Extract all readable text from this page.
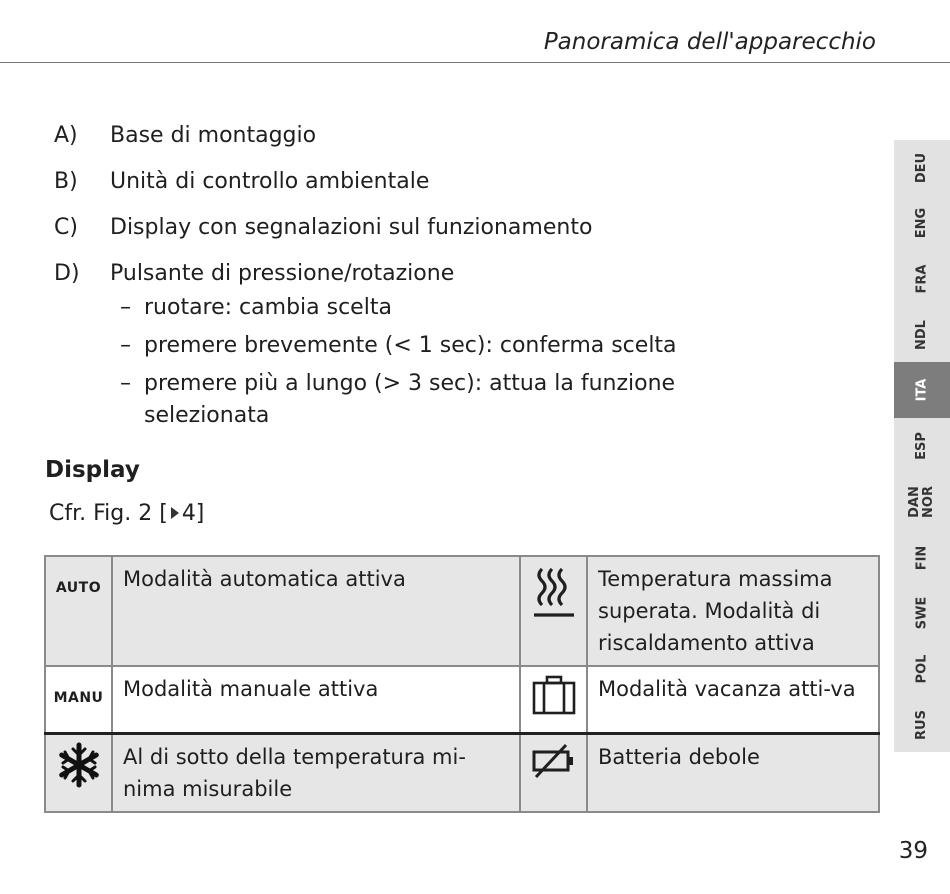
Panoramica dell'apparecchio
A)	Base di montaggio
B)	Unità di controllo ambientale
C)	Display con segnalazioni sul funzionamento
D)	Pulsante di pressione/rotazione
– ruotare: cambia scelta
– premere brevemente (< 1 sec): conferma scelta
– premere più a lungo (> 3 sec): attua la funzione selezionata
Display
Cfr. Fig. 2 [ 4]
AUTO	Modalità automatica attiva		Temperatura massima superata. Modalità di riscaldamento attiva
MANU	Modalità manuale attiva		Modalità vacanza atti-va
	Al di sotto della temperatura mi-nima misurabile		Batteria debole
DEU
ENG
FRA
NDL
ITA
ESP
DAN NOR
FIN
SWE
POL
RUS
39
